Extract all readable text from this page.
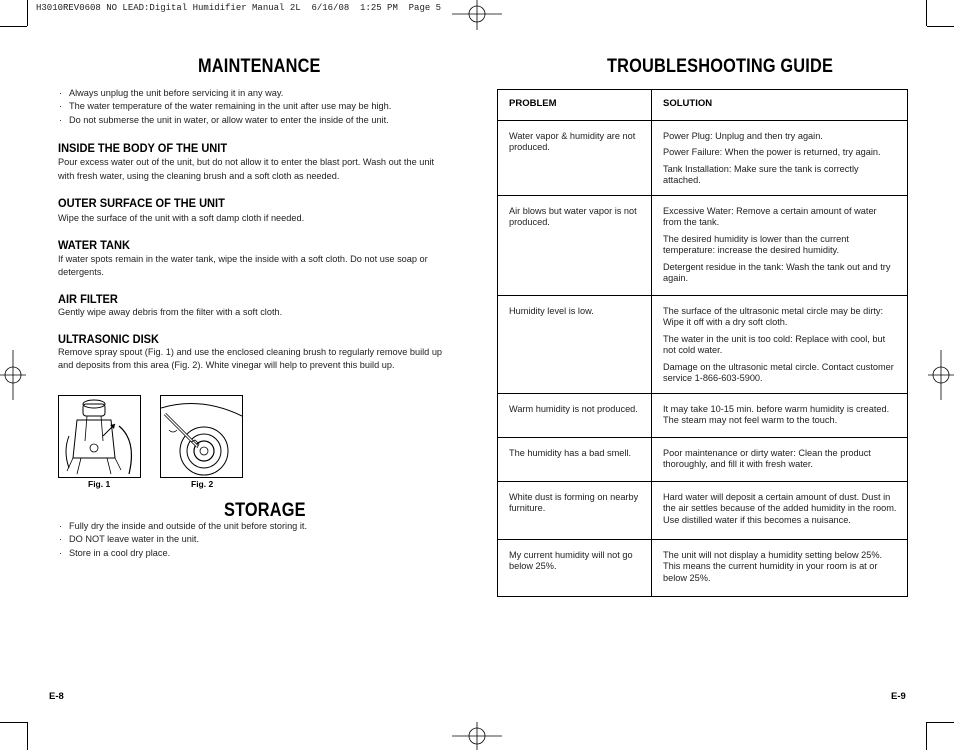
H3010REV0608 NO LEAD:Digital Humidifier Manual 2L  6/16/08  1:25 PM  Page 5
MAINTENANCE
· Always unplug the unit before servicing it in any way.
· The water temperature of the water remaining in the unit after use may be high.
· Do not submerse the unit in water, or allow water to enter the inside of the unit.
INSIDE THE BODY OF THE UNIT
Pour excess water out of the unit, but do not allow it to enter the blast port. Wash out the unit with fresh water, using the cleaning brush and a soft cloth as needed.
OUTER SURFACE OF THE UNIT
Wipe the surface of the unit with a soft damp cloth if needed.
WATER TANK
If water spots remain in the water tank, wipe the inside with a soft cloth. Do not use soap or detergents.
AIR FILTER
Gently wipe away debris from the filter with a soft cloth.
ULTRASONIC DISK
Remove spray spout (Fig. 1) and use the enclosed cleaning brush to regularly remove build up and deposits from this area (Fig. 2). White vinegar will help to prevent this build up.
Fig. 1	Fig. 2
STORAGE
· Fully dry the inside and outside of the unit before storing it.
· DO NOT leave water in the unit.
· Store in a cool dry place.
E-8
TROUBLESHOOTING GUIDE
PROBLEM	SOLUTION

Water vapor & humidity are not produced.	Power Plug: Unplug and then try again.

Power Failure: When the power is returned, try again.

Tank Installation: Make sure the tank is correctly attached.

Air blows but water vapor is not produced.	Excessive Water: Remove a certain amount of water from the tank.

The desired humidity is lower than the current temperature: increase the desired humidity.

Detergent residue in the tank: Wash the tank out and try again.

Humidity level is low.	The surface of the ultrasonic metal circle may be dirty: Wipe it off with a dry soft cloth.

The water in the unit is too cold: Replace with cool, but not cold water.

Damage on the ultrasonic metal circle. Contact customer service 1-866-603-5900.

Warm humidity is not produced.	It may take 10-15 min. before warm humidity is created. The steam may not feel warm to the touch.

The humidity has a bad smell.	Poor maintenance or dirty water: Clean the product thoroughly, and fill it with fresh water.

White dust is forming on nearby furniture.	Hard water will deposit a certain amount of dust. Dust in the air settles because of the added humidity in the room. Use distilled water if this becomes a nuisance.

My current humidity will not go below 25%.	The unit will not display a humidity setting below 25%. This means the current humidity in your room is at or below 25%.

E-9
